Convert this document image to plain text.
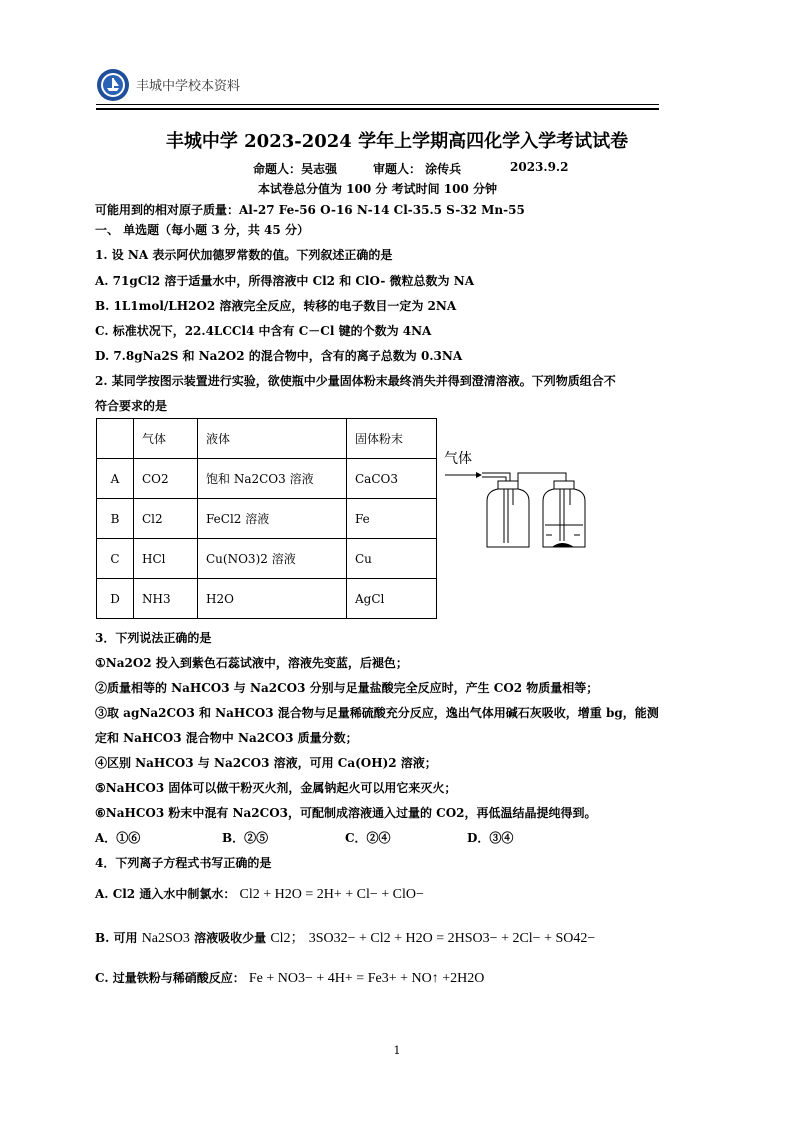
丰城中学校本资料
丰城中学 2023-2024 学年上学期高四化学入学考试试卷
命题人：吴志强	审题人： 涂传兵	2023.9.2
本试卷总分值为 100 分 考试时间 100 分钟
可能用到的相对原子质量：Al-27 Fe-56 O-16 N-14 Cl-35.5 S-32 Mn-55
一、 单选题（每小题 3 分，共 45 分）
1. 设 NA 表示阿伏加德罗常数的值。下列叙述正确的是
A. 71gCl2 溶于适量水中，所得溶液中 Cl2 和 ClO- 微粒总数为 NA
B. 1L1mol/LH2O2 溶液完全反应，转移的电子数目一定为 2NA
C. 标准状况下，22.4LCCl4 中含有 C－Cl 键的个数为 4NA
D. 7.8gNa2S 和 Na2O2 的混合物中，含有的离子总数为 0.3NA
2. 某同学按图示装置进行实验，欲使瓶中少量固体粉末最终消失并得到澄清溶液。下列物质组合不
符合要求的是
	气体	液体	固体粉末
A	CO2	饱和 Na2CO3 溶液	CaCO3
B	Cl2	FeCl2 溶液	Fe
C	HCl	Cu(NO3)2 溶液	Cu
D	NH3	H2O	AgCl
气体
3．下列说法正确的是
①Na2O2 投入到紫色石蕊试液中，溶液先变蓝，后褪色；
②质量相等的 NaHCO3 与 Na2CO3 分别与足量盐酸完全反应时，产生 CO2 物质量相等；
③取 agNa2CO3 和 NaHCO3 混合物与足量稀硫酸充分反应，逸出气体用碱石灰吸收，增重 bg，能测
定和 NaHCO3 混合物中 Na2CO3 质量分数；
④区别 NaHCO3 与 Na2CO3 溶液，可用 Ca(OH)2 溶液；
⑤NaHCO3 固体可以做干粉灭火剂，金属钠起火可以用它来灭火；
⑥NaHCO3 粉末中混有 Na2CO3，可配制成溶液通入过量的 CO2，再低温结晶提纯得到。
A．①⑥	B．②⑤	C．②④	D．③④
4．下列离子方程式书写正确的是
A. Cl2 通入水中制氯水： Cl2 + H2O = 2H+ + Cl− + ClO−
B. 可用 Na2SO3 溶液吸收少量 Cl2； 3SO32− + Cl2 + H2O = 2HSO3− + 2Cl− + SO42−
C. 过量铁粉与稀硝酸反应： Fe + NO3− + 4H+ = Fe3+ + NO↑ +2H2O
1
